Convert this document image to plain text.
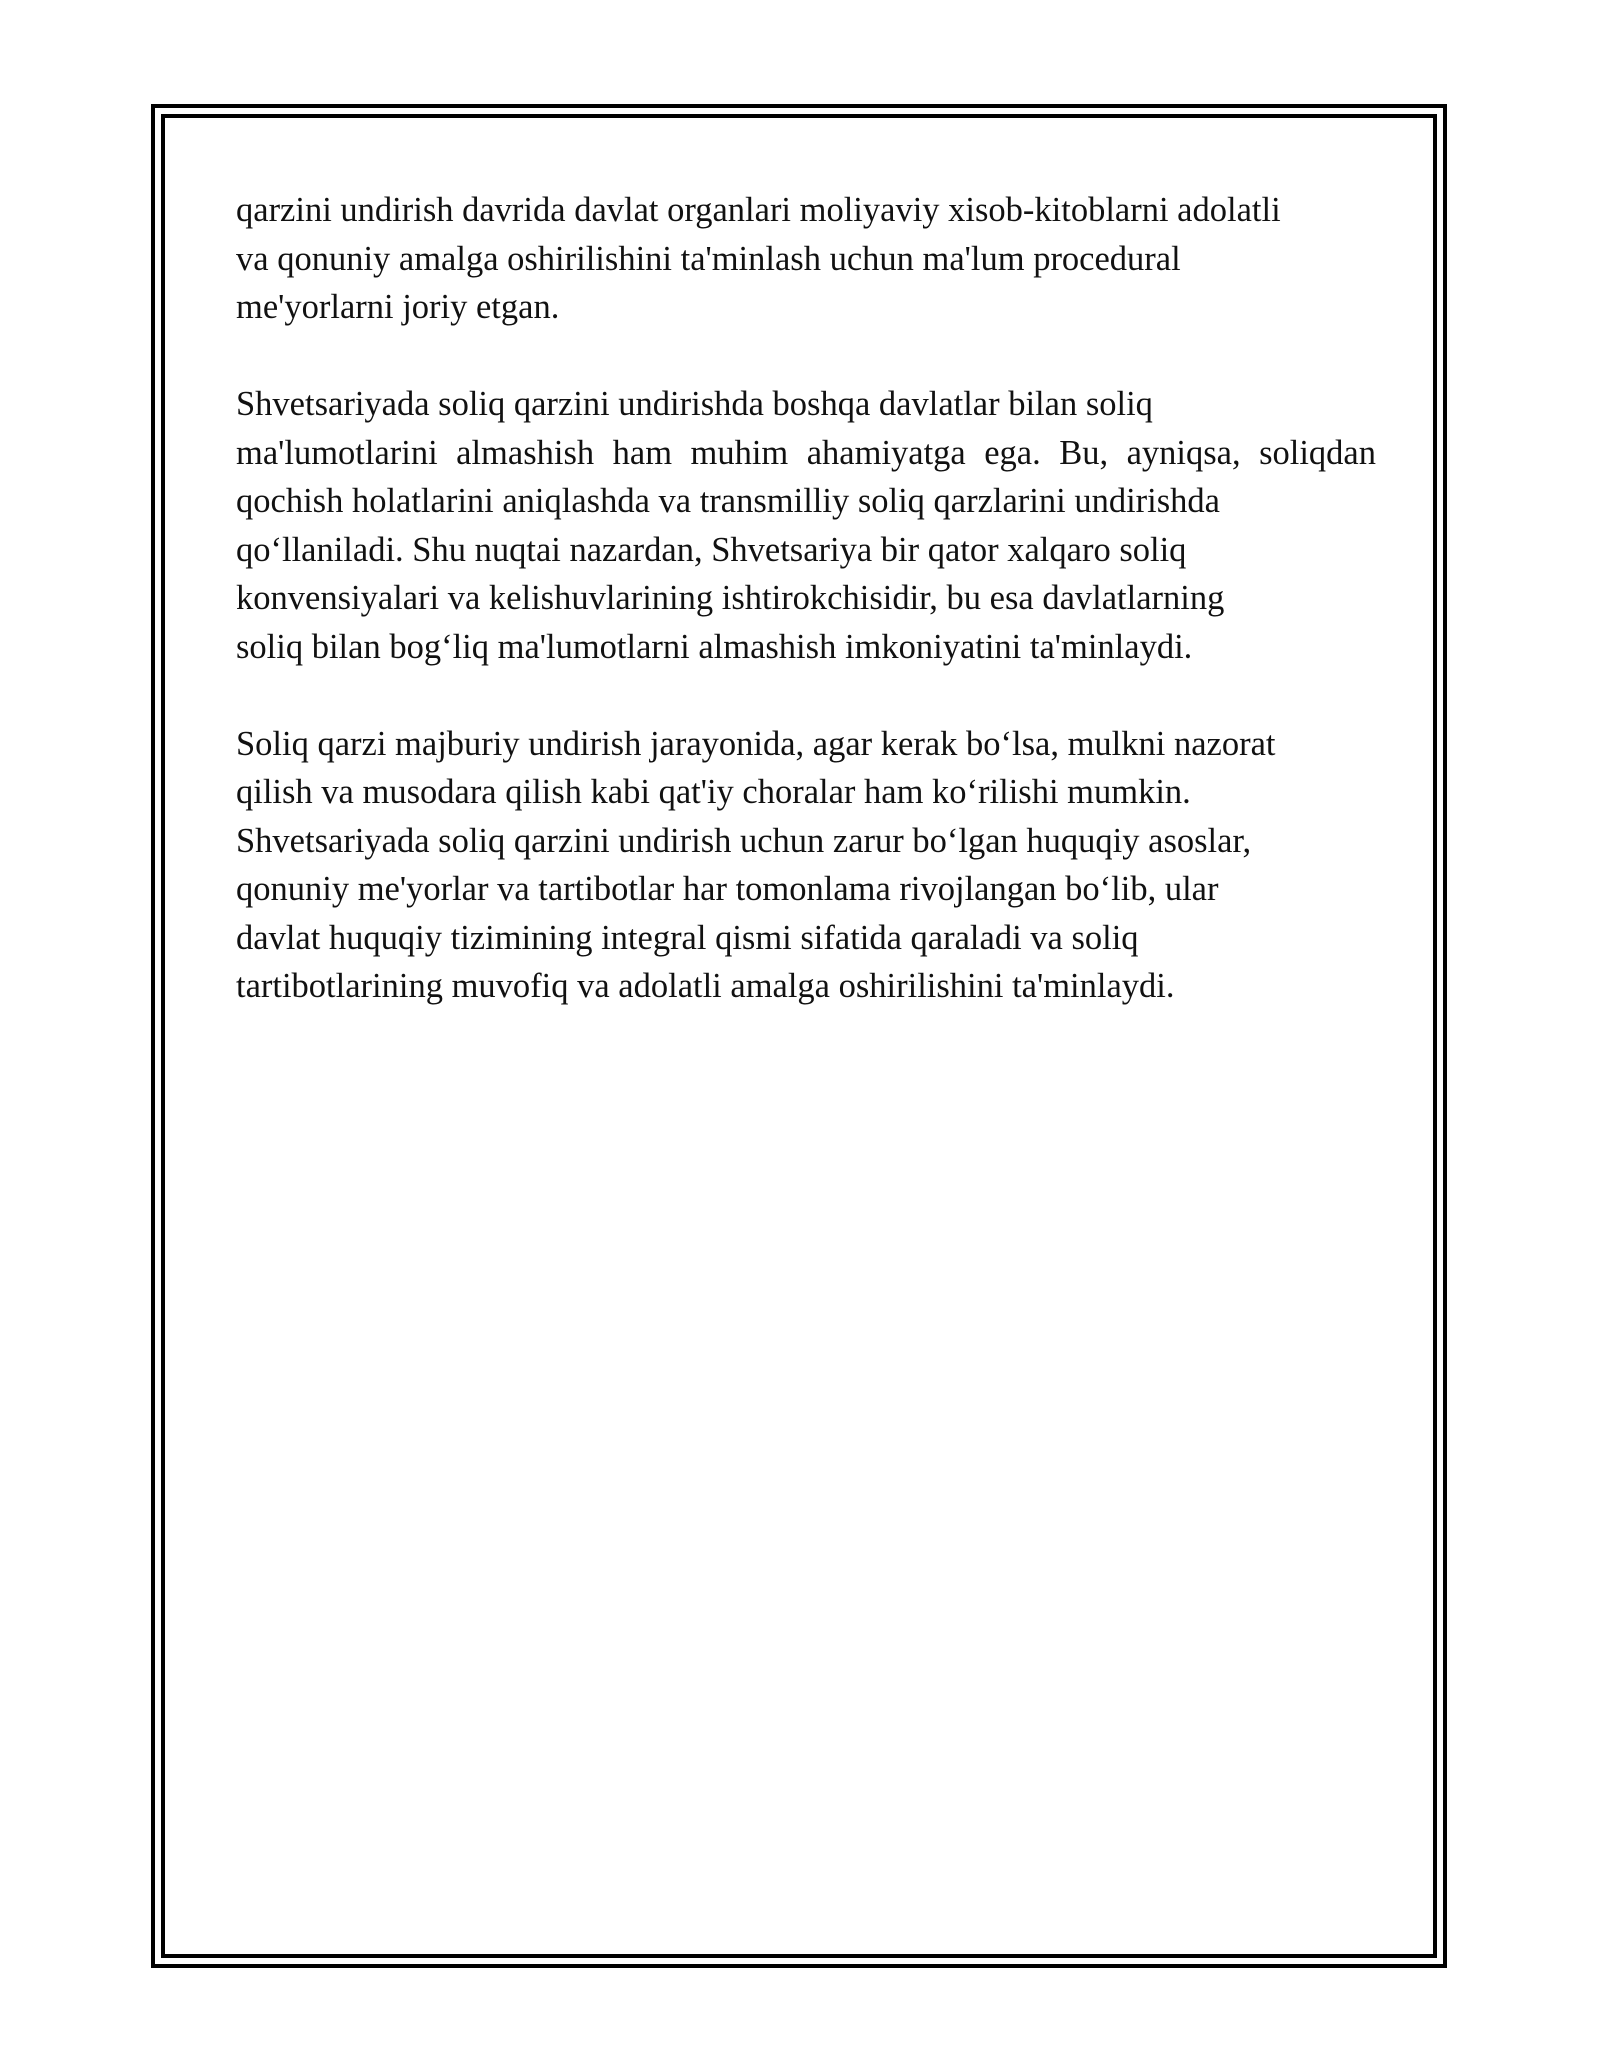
qarzini undirish davrida davlat organlari moliyaviy xisob-kitoblarni adolatli
va qonuniy amalga oshirilishini ta'minlash uchun ma'lum procedural
me'yorlarni joriy etgan.

Shvetsariyada soliq qarzini undirishda boshqa davlatlar bilan soliq
ma'lumotlarini almashish ham muhim ahamiyatga ega. Bu, ayniqsa, soliqdan
qochish holatlarini aniqlashda va transmilliy soliq qarzlarini undirishda
qoʻllaniladi. Shu nuqtai nazardan, Shvetsariya bir qator xalqaro soliq
konvensiyalari va kelishuvlarining ishtirokchisidir, bu esa davlatlarning
soliq bilan bogʻliq ma'lumotlarni almashish imkoniyatini ta'minlaydi.

Soliq qarzi majburiy undirish jarayonida, agar kerak boʻlsa, mulkni nazorat
qilish va musodara qilish kabi qat'iy choralar ham koʻrilishi mumkin.
Shvetsariyada soliq qarzini undirish uchun zarur boʻlgan huquqiy asoslar,
qonuniy me'yorlar va tartibotlar har tomonlama rivojlangan boʻlib, ular
davlat huquqiy tizimining integral qismi sifatida qaraladi va soliq
tartibotlarining muvofiq va adolatli amalga oshirilishini ta'minlaydi.
